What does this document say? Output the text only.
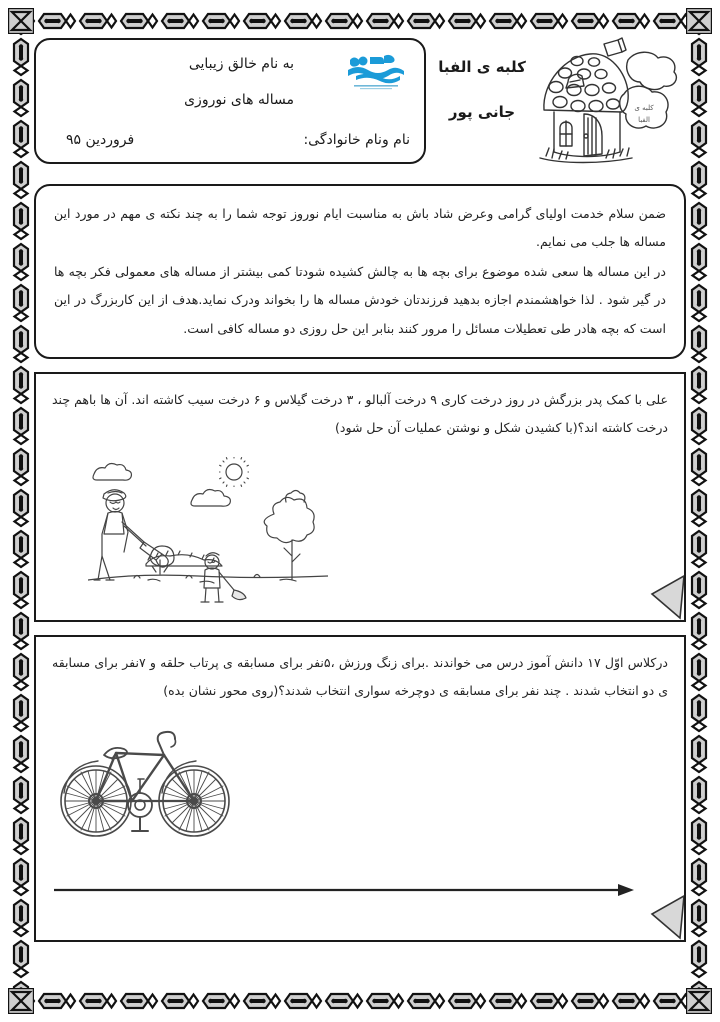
کلبه ی
الفبا
کلبه ی الفبا
جانی پور
به نام خالق زیبایی
مساله های نوروزی
نام ونام خانوادگی:
فروردین ۹۵

ضمن سلام خدمت اولیای گرامی وعرض شاد باش به مناسبت ایام نوروز توجه شما را به چند نکته ی مهم در مورد این مساله ها جلب می نمایم.

در این مساله ها سعی شده موضوع برای بچه ها به چالش کشیده شودتا کمی بیشتر از مساله های معمولی فکر بچه ها در گیر شود . لذا خواهشمندم اجازه بدهید فرزندتان خودش مساله ها را بخواند ودرک نماید.هدف از این کاربزرگ در این است که بچه هادر طی تعطیلات مسائل را مرور کنند بنابر این حل روزی دو مساله کافی است.

علی با کمک پدر بزرگش در روز درخت کاری ۹ درخت آلبالو ، ۳ درخت گیلاس و ۶ درخت سیب کاشته اند. آن ها باهم چند درخت کاشته اند؟(با کشیدن شکل و نوشتن عملیات آن حل شود)

درکلاس اوّل ۱۷ دانش آموز درس می خواندند .برای زنگ ورزش ،۵نفر برای مسابقه ی پرتاب حلقه و ۷نفر برای مسابقه ی دو انتخاب شدند . چند نفر برای مسابقه ی دوچرخه سواری انتخاب شدند؟(روی محور نشان بده)
